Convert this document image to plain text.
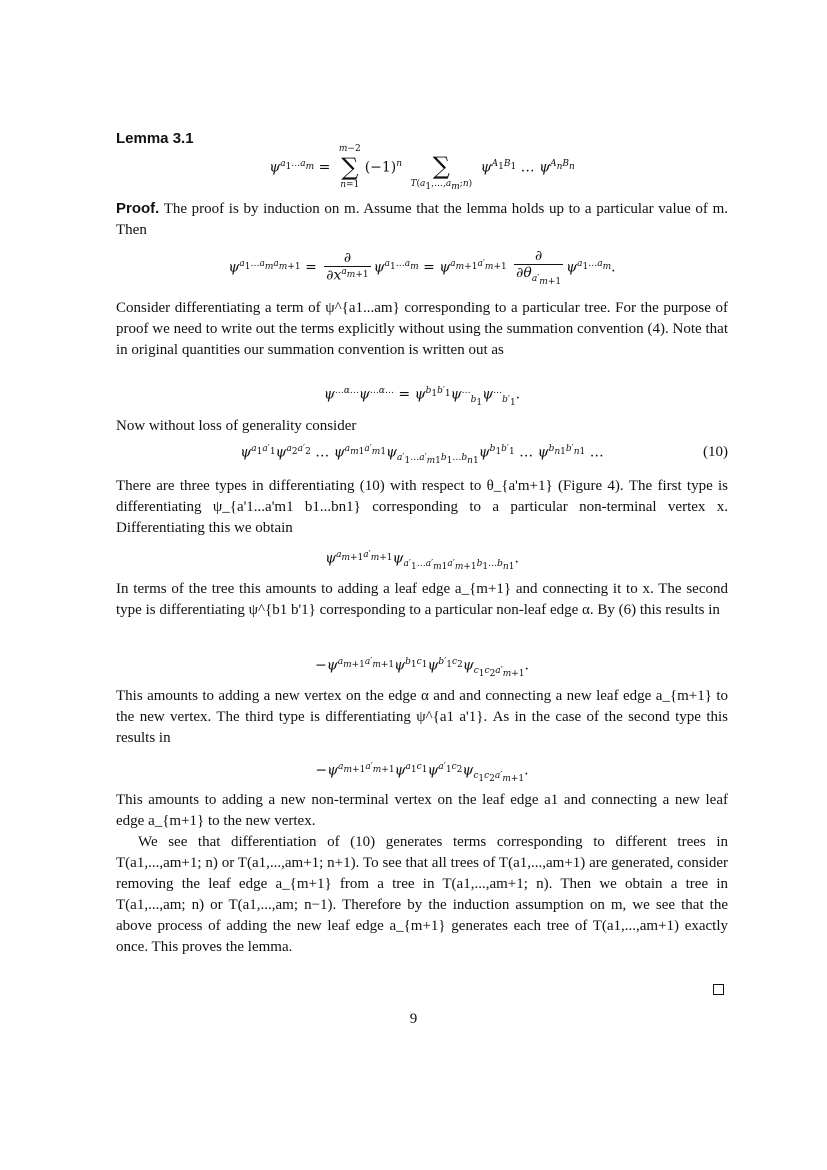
Lemma 3.1
$\psi^{a_1\dots a_m}$ =
m−2
∑
n=1
$(-1)^n$
	∑
$T(a_1,\dots,a_m;n)$
$\psi^{A_1B_1}$ … $\psi^{A_nB_n}$
Proof. The proof is by induction on m. Assume that the lemma holds up to a particular value of m. Then
$\psi^{a_1\dots a_ma_{m+1}} = \frac{\partial}{\partial x^{a_{m+1}}} \psi^{a_1\dots a_m} = \psi^{a_{m+1}a'_{m+1}} \frac{\partial}{\partial\theta_{a'_{m+1}}} \psi^{a_1\dots a_m}$.
Consider differentiating a term of ψ^{a1...am} corresponding to a particular tree. For the purpose of proof we need to write out the terms explicitly without using the summation convention (4). Note that in original quantities our summation convention is written out as
$\psi^{\dots\alpha\dots}\psi^{\dots\alpha\dots} = \psi^{b_1b'_1}\psi^\dots_{b_1}\psi^\dots_{b'_1}$.
Now without loss of generality consider
$\psi^{a_1a'_1}\psi^{a_2a'_2}$ … $\psi^{a_{m1}a'_{m1}}\psi_{a'_1\dots a'_{m1}b_1\dots b_{n1}}\psi^{b_1b'_1}$ … $\psi^{b_{n1}b'_{n1}}$ …	(10)
There are three types in differentiating (10) with respect to θ_{a'm+1} (Figure 4). The first type is differentiating ψ_{a'1...a'm1 b1...bn1} corresponding to a particular non-terminal vertex x. Differentiating this we obtain
$\psi^{a_{m+1}a'_{m+1}}\psi_{a'_1\dots a'_{m1}a'_{m+1}b_1\dots b_{n1}}$.
In terms of the tree this amounts to adding a leaf edge a_{m+1} and connecting it to x. The second type is differentiating ψ^{b1 b'1} corresponding to a particular non-leaf edge α. By (6) this results in
$-\psi^{a_{m+1}a'_{m+1}}\psi^{b_1c_1}\psi^{b'_1c_2}\psi_{c_1c_2a'_{m+1}}$.
This amounts to adding a new vertex on the edge α and and connecting a new leaf edge a_{m+1} to the new vertex. The third type is differentiating ψ^{a1 a'1}. As in the case of the second type this results in
$-\psi^{a_{m+1}a'_{m+1}}\psi^{a_1c_1}\psi^{a'_1c_2}\psi_{c_1c_2a'_{m+1}}$.
This amounts to adding a new non-terminal vertex on the leaf edge a1 and connecting a new leaf edge a_{m+1} to the new vertex.
We see that differentiation of (10) generates terms corresponding to different trees in T(a1,...,am+1; n) or T(a1,...,am+1; n+1). To see that all trees of T(a1,...,am+1) are generated, consider removing the leaf edge a_{m+1} from a tree in T(a1,...,am+1; n). Then we obtain a tree in T(a1,...,am; n) or T(a1,...,am; n−1). Therefore by the induction assumption on m, we see that the above process of adding the new leaf edge a_{m+1} generates each tree of T(a1,...,am+1) exactly once. This proves the lemma.
9
